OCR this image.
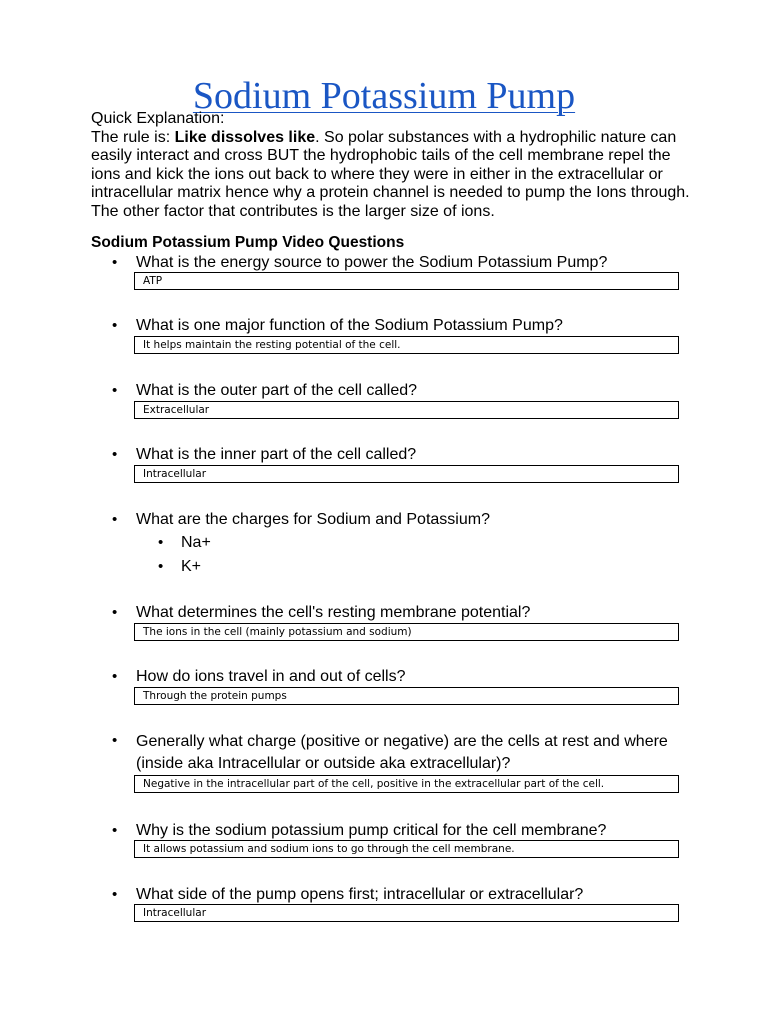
Sodium Potassium Pump

Quick Explanation:

The rule is: Like dissolves like. So polar substances with a hydrophilic nature can easily interact and cross BUT the hydrophobic tails of the cell membrane repel the ions and kick the ions out back to where they were in either in the extracellular or intracellular matrix hence why a protein channel is needed to pump the Ions through. The other factor that contributes is the larger size of ions.

Sodium Potassium Pump Video Questions
• What is the energy source to power the Sodium Potassium Pump?
ATP
• What is one major function of the Sodium Potassium Pump?
It helps maintain the resting potential of the cell.
• What is the outer part of the cell called?
Extracellular
• What is the inner part of the cell called?
Intracellular
• What are the charges for Sodium and Potassium?
• Na+
• K+
• What determines the cell's resting membrane potential?
The ions in the cell (mainly potassium and sodium)
• How do ions travel in and out of cells?
Through the protein pumps
• Generally what charge (positive or negative) are the cells at rest and where (inside aka Intracellular or outside aka extracellular)?
Negative in the intracellular part of the cell, positive in the extracellular part of the cell.
• Why is the sodium potassium pump critical for the cell membrane?
It allows potassium and sodium ions to go through the cell membrane.
• What side of the pump opens first; intracellular or extracellular?
Intracellular
